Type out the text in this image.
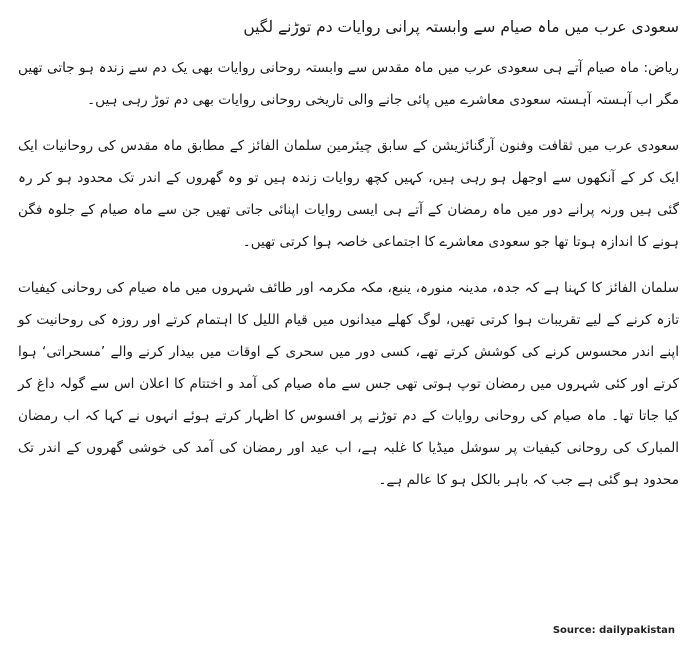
سعودی عرب میں ماہ صیام سے وابستہ پرانی روایات دم توڑنے لگیں

ریاض: ماہ صیام آتے ہی سعودی عرب میں ماہ مقدس سے وابستہ روحانی روایات بھی یک دم سے زندہ ہو جاتی تھیں مگر اب آہستہ آہستہ سعودی معاشرے میں پائی جانے والی تاریخی روحانی روایات بھی دم توڑ رہی ہیں۔

سعودی عرب میں ثقافت وفنون آرگنائزیشن کے سابق چیئرمین سلمان الفائز کے مطابق ماہ مقدس کی روحانیات ایک ایک کر کے آنکھوں سے اوجھل ہو رہی ہیں، کہیں کچھ روایات زندہ ہیں تو وہ گھروں کے اندر تک محدود ہو کر رہ گئی ہیں ورنہ پرانے دور میں ماہ رمضان کے آتے ہی ایسی روایات اپنائی جاتی تھیں جن سے ماہ صیام کے جلوہ فگن ہونے کا اندازہ ہوتا تھا جو سعودی معاشرے کا اجتماعی خاصہ ہوا کرتی تھیں۔

سلمان الفائز کا کہنا ہے کہ جدہ، مدینہ منورہ، ینبع، مکہ مکرمہ اور طائف شہروں میں ماہ صیام کی روحانی کیفیات تازہ کرنے کے لیے تقریبات ہوا کرتی تھیں، لوگ کھلے میدانوں میں قیام اللیل کا اہتمام کرتے اور روزہ کی روحانیت کو اپنے اندر محسوس کرنے کی کوشش کرتے تھے، کسی دور میں سحری کے اوقات میں بیدار کرنے والے ’مسحراتی‘ ہوا کرتے اور کئی شہروں میں رمضان توپ ہوتی تھی جس سے ماہ صیام کی آمد و اختتام کا اعلان اس سے گولہ داغ کر کیا جاتا تھا۔ ماہ صیام کی روحانی روایات کے دم توڑنے پر افسوس کا اظہار کرتے ہوئے انہوں نے کہا کہ اب رمضان المبارک کی روحانی کیفیات پر سوشل میڈیا کا غلبہ ہے، اب عید اور رمضان کی آمد کی خوشی گھروں کے اندر تک محدود ہو گئی ہے جب کہ باہر بالکل ہو کا عالم ہے۔

Source: dailypakistan
